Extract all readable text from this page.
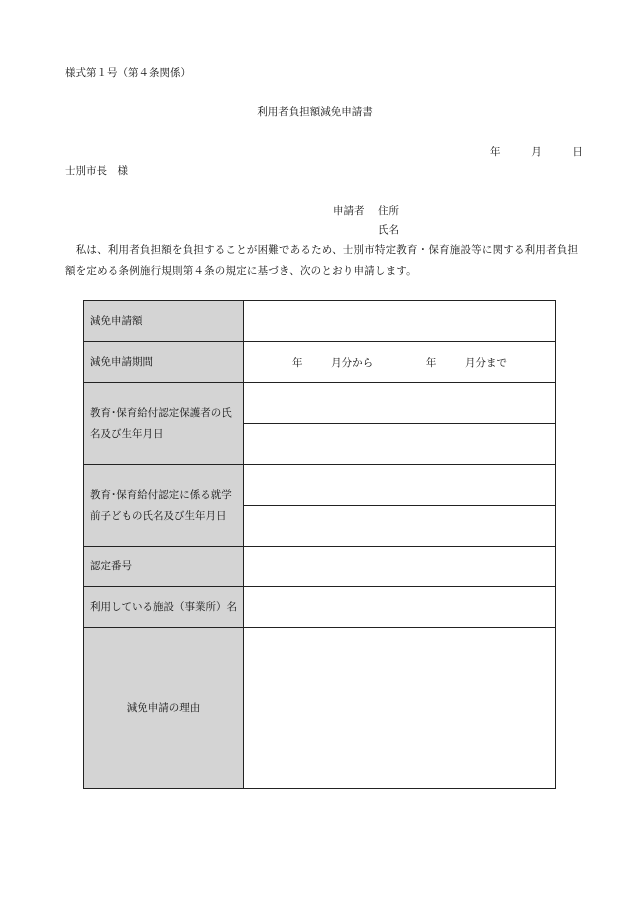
様式第１号（第４条関係）
利用者負担額減免申請書
年	月	日
士別市長　様
申請者 住所
氏名
　私は、利用者負担額を負担することが困難であるため、士別市特定教育・保育施設等に関する利用者負担額を定める条例施行規則第４条の規定に基づき、次のとおり申請します。
減免申請額	
減免申請期間	年 月分から 年 月分まで
教育･保育給付認定保護者の氏名及び生年月日	

教育･保育給付認定に係る就学前子どもの氏名及び生年月日	

認定番号	
利用している施設（事業所）名	
減免申請の理由	
